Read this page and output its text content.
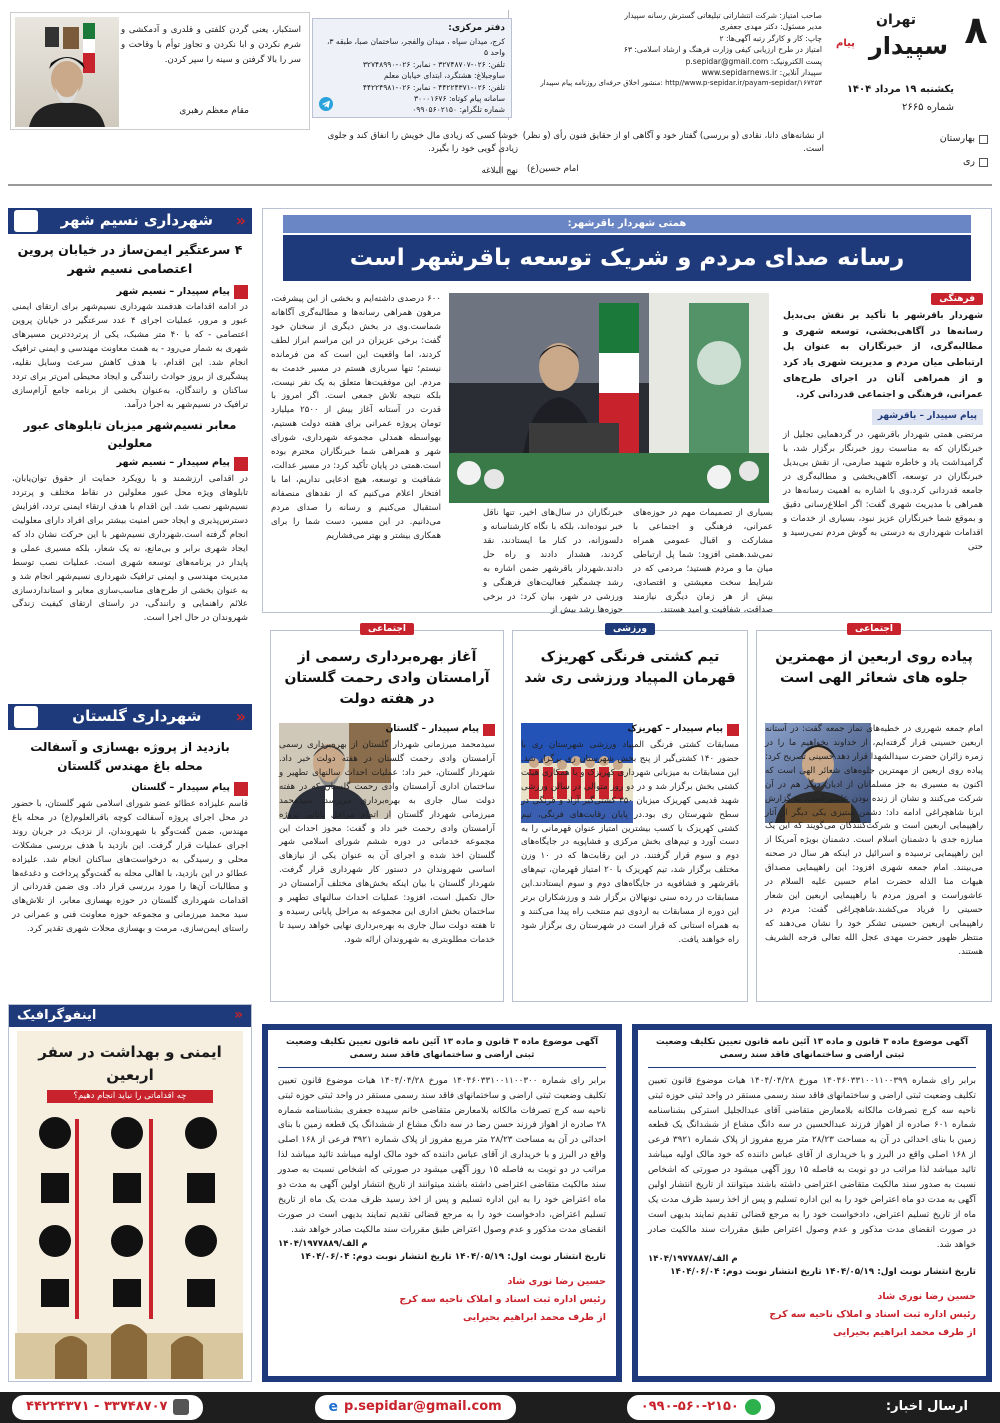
۸
تهران
سپیدار
پیام
یکشنبه ۱۹ مرداد ۱۴۰۴
شماره ۲۶۶۵
بهارستان
ری
صاحب امتیاز: شرکت انتشاراتی تبلیغاتی گسترش رسانه سپیدار
مدیر مسئول: دکتر مهدی جعفری
چاپ: کار و کارگر رتبه آگهی‌ها: ۲
امتیاز در طرح ارزیابی کیفی وزارت فرهنگ و ارشاد اسلامی: ۶۳
پست الکترونیک: p.sepidar@gmail.com
سپیدار آنلاین: www.sepidarnews.ir
منشور اخلاق حرفه‌ای روزنامه پیام سپیدار: http//www.p-sepidar.ir/payam-sepidar/۱۶۷۲۵۳
دفتر مرکزی:
کرج، میدان سپاه ، میدان والفجر، ساختمان صبا، طبقه ۳، واحد ۵
تلفن: ۰۲۶-۳۲۷۴۸۷۰۷ - نمابر: ۰۲۶-۳۲۷۴۸۹۹۰
ساوجبلاغ: هشتگرد، ابتدای خیابان معلم
تلفن: ۰۲۶-۴۴۲۲۴۳۷۱ - نمابر: ۰۲۶-۴۴۲۲۴۹۸۱
سامانه پیام کوتاه: ۳۰۰۰۱۶۷۶
شماره تلگرام: ۰۹۹۰۵۶۰۲۱۵۰
استکبار، یعنی گردن کلفتی و قلدری و آدمکشی و شرم نکردن و ابا نکردن و تجاوز توأم با وقاحت و سر را بالا گرفتن و سینه را سپر کردن.
مقام معظم رهبری
از نشانه‌های دانا، نقادی (و بررسی) گفتار خود و آگاهی او از حقایق فنون رأی (و نظر) است.
امام حسین(ع)
خوشا کسی که زیادی مال خویش را انفاق کند و جلوی زیادی گویی خود را بگیرد.
نهج البلاغه
همتی شهردار باقرشهر:
رسانه صدای مردم و شریک توسعه باقرشهر است
فرهنگی
شهردار باقرشهر با تأکید بر نقش بی‌بدیل رسانه‌ها در آگاهی‌بخشی، توسعه شهری و مطالبه‌گری، از خبرنگاران به عنوان پل ارتباطی میان مردم و مدیریت شهری یاد کرد و از همراهی آنان در اجرای طرح‌های عمرانی، فرهنگی و اجتماعی قدردانی کرد.
پیام سپیدار – باقرشهر
مرتضی همتی شهردار باقرشهر، در گردهمایی تجلیل از خبرنگاران که به مناسبت روز خبرنگار برگزار شد، با گرامیداشت یاد و خاطره شهید صارمی، از نقش بی‌بدیل خبرنگاران در توسعه، آگاهی‌بخشی و مطالبه‌گری در جامعه قدردانی کرد.وی با اشاره به اهمیت رسانه‌ها در همراهی با مدیریت شهری گفت: اگر اطلاع‌رسانی دقیق و بموقع شما خبرنگاران عزیز نبود، بسیاری از خدمات و اقدامات شهرداری به درستی به گوش مردم نمی‌رسید و حتی
بسیاری از تصمیمات مهم در حوزه‌های عمرانی، فرهنگی و اجتماعی با مشارکت و اقبال عمومی همراه نمی‌شد.همتی افزود: شما پل ارتباطی میان ما و مردم هستید؛ مردمی که در شرایط سخت معیشتی و اقتصادی، بیش از هر زمان دیگری نیازمند صداقت، شفافیت و امید هستند.
خبرنگاران در سال‌های اخیر، تنها ناقل خبر نبوده‌اند، بلکه با نگاه کارشناسانه و دلسوزانه، در کنار ما ایستادند، نقد کردند، هشدار دادند و راه حل دادند.شهردار باقرشهر ضمن اشاره به رشد چشمگیر فعالیت‌های فرهنگی و ورزشی در شهر، بیان کرد: در برخی حوزه‌ها رشد بیش از
۶۰۰ درصدی داشته‌ایم و بخشی از این پیشرفت، مرهون همراهی رسانه‌ها و مطالبه‌گری آگاهانه شماست.وی در بخش دیگری از سخنان خود گفت: برخی عزیزان در این مراسم ابراز لطف کردند، اما واقعیت این است که من فرمانده نیستم؛ تنها سربازی هستم در مسیر خدمت به مردم. این موفقیت‌ها متعلق به یک نفر نیست، بلکه نتیجه تلاش جمعی است. اگر امروز با قدرت در آستانه آغاز بیش از ۲۵۰۰ میلیارد تومان پروژه عمرانی برای هفته دولت هستیم، بهواسطه همدلی مجموعه شهرداری، شورای شهر و همراهی شما خبرنگاران محترم بوده است.همتی در پایان تأکید کرد: در مسیر عدالت، شفافیت و توسعه، هیچ ادعایی نداریم، اما با افتخار اعلام می‌کنیم که از نقدهای منصفانه استقبال می‌کنیم و رسانه را صدای مردم می‌دانیم. در این مسیر، دست شما را برای همکاری بیشتر و بهتر می‌فشاریم
«
شهرداری نسیم شهر
۴ سرعتگیر ایمن‌ساز در خیابان پروین اعتصامی نسیم شهر
پیام سپیدار – نسیم شهر
در ادامه اقدامات هدفمند شهرداری نسیم‌شهر برای ارتقای ایمنی عبور و مرور، عملیات اجرای ۴ عدد سرعتگیر در خیابان پروین اعتصامی - که با ۴۰ متر مشبک، یکی از پرترددترین مسیرهای شهری به شمار می‌رود - به همت معاونت مهندسی و ایمنی ترافیک انجام شد. این اقدام، با هدف کاهش سرعت وسایل نقلیه، پیشگیری از بروز حوادث رانندگی و ایجاد محیطی امن‌تر برای تردد ساکنان و رانندگان، به‌عنوان بخشی از برنامه جامع آرام‌سازی ترافیک در نسیم‌شهر به اجرا درآمد.
معابر نسیم‌شهر میزبان تابلوهای عبور معلولین
پیام سپیدار – نسیم شهر
در اقدامی ارزشمند و با رویکرد حمایت از حقوق توان‌یابان، تابلوهای ویژه محل عبور معلولین در نقاط مختلف و پرتردد نسیم‌شهر نصب شد. این اقدام با هدف ارتقاء ایمنی تردد، افزایش دسترس‌پذیری و ایجاد حس امنیت بیشتر برای افراد دارای معلولیت انجام گرفته است.شهرداری نسیم‌شهر با این حرکت نشان داد که ایجاد شهری برابر و بی‌مانع، نه یک شعار، بلکه مسیری عملی و پایدار در برنامه‌های توسعه شهری است. عملیات نصب توسط مدیریت مهندسی و ایمنی ترافیک شهرداری نسیم‌شهر انجام شد و به عنوان بخشی از طرح‌های مناسب‌سازی معابر و استانداردسازی علائم راهنمایی و رانندگی، در راستای ارتقای کیفیت زندگی شهروندان در حال اجرا است.
«
شهرداری گلستان
بازدید از پروژه بهسازی و آسفالت محله باغ مهندس گلستان
پیام سپیدار – گلستان
قاسم علیزاده عطائو عضو شورای اسلامی شهر گلستان، با حضور در محل اجرای پروژه آسفالت کوچه باقرالعلوم(ع) در محله باغ مهندس، ضمن گفت‌وگو با شهروندان، از نزدیک در جریان روند اجرای عملیات قرار گرفت. این بازدید با هدف بررسی مشکلات محلی و رسیدگی به درخواست‌های ساکنان انجام شد. علیزاده عطائو در این بازدید، با اهالی محله به گفت‌وگو پرداخت و دغدغه‌ها و مطالبات آن‌ها را مورد بررسی قرار داد. وی ضمن قدردانی از اقدامات شهرداری گلستان در حوزه بهسازی معابر، از تلاش‌های سید محمد میرزمانی و مجموعه حوزه معاونت فنی و عمرانی در راستای ایمن‌سازی، مرمت و بهسازی محلات شهری تقدیر کرد.
اجتماعی
پیاده روی اربعین از مهمترین جلوه های شعائر الهی است
امام جمعه شهرری در خطبه‌های نماز جمعه گفت: در آستانه اربعین حسینی قرار گرفته‌ایم، از خداوند بخواهیم ما را در زمره زائران حضرت سیدالشهدا قرار دهد.حسینی تصریح کرد: پیاده روی اربعین از مهمترین جلوه‌های شعائر الهی است که اکنون به مسیری به جز مسلمانان از ادیان دیگر هم در آن شرکت می‌کنند و نشان از زنده بودن عاشوراست. به گزارش ابرنا شاهچراغی ادامه داد: دشمن ستیزی یکی دیگر از آثار راهپیمایی اربعین است و شرکت‌کنندگان می‌گویند که این یک مبارزه جدی با دشمنان اسلام است. دشمنان بویژه آمریکا از این راهپیمایی ترسیده و اسرائیل در اینکه هر سال در صحنه می‌بینند. امام جمعه شهری افزود: این راهپیمایی مصداق هیهات منا الذله حضرت امام حسین علیه السلام در عاشوراست و امروز مردم با راهپیمایی اربعین این شعار حسینی را فریاد می‌کشند.شاهچراغی گفت: مردم در راهپیمایی اربعین حسینی تشکر خود را نشان می‌دهند که منتظر ظهور حضرت مهدی عجل الله تعالی فرجه الشریف هستند.
ورزشی
تیم کشتی فرنگی کهریزک قهرمان المپیاد ورزشی ری شد
پیام سپیدار – کهریزک
مسابقات کشتی فرنگی المپیاد ورزشی شهرستان ری با حضور ۱۴۰ کشتی‌گیر از پنج بخش شهرستان ری برگزار شد. این مسابقات به میزبانی شهرداری کهریزک و با همکاری هیئت کشتی بخش برگزار شد و در دو روز متوالی در سالن ورزشی شهید قدیمی کهریزک میزبان ۳۵۰ کشتی‌گیر آزاد و فرنگی در سطح شهرستان ری بود.در پایان رقابت‌های فرنگی، تیم کشتی کهریزک با کسب بیشترین امتیاز عنوان قهرمانی را به دست آورد و تیم‌های بخش مرکزی و فشاپویه در جایگاه‌های دوم و سوم قرار گرفتند. در این رقابت‌ها که در ۱۰ وزن مختلف برگزار شد، تیم کهریزک با ۲۰ امتیاز قهرمان، تیم‌های باقرشهر و فشافویه در جایگاه‌های دوم و سوم ایستادند.این مسابقات در رده سنی نونهالان برگزار شد و ورزشکاران برتر این دوره از مسابقات به اردوی تیم منتخب راه پیدا می‌کنند و به همراه استانی که قرار است در شهرستان ری برگزار شود راه خواهند یافت.
اجتماعی
آغاز بهره‌برداری رسمی از آرامستان وادی رحمت گلستان در هفته دولت
پیام سپیدار – گلستان
سیدمحمد میرزمانی شهردار گلستان از بهره‌برداری رسمی آرامستان وادی رحمت گلستان در هفته دولت خبر داد. شهردار گلستان، خبر داد: عملیات احداث سالنهای تطهیر و ساختمان اداری آرامستان وادی رحمت گلستان که در هفته دولت سال جاری به بهره‌برداری می‌رسد. سیدمحمد میرزمانی شهردار گلستان از اتمام مراحل پایانی پروژه آرامستان وادی رحمت خبر داد و گفت: مجوز احداث این مجموعه خدماتی در دوره ششم شورای اسلامی شهر گلستان اخذ شده و اجرای آن به عنوان یکی از نیازهای اساسی شهروندان در دستور کار شهرداری قرار گرفت. شهردار گلستان با بیان اینکه بخش‌های مختلف آرامستان در حال تکمیل است، افزود: عملیات احداث سالنهای تطهیر و ساختمان بخش اداری این مجموعه به مراحل پایانی رسیده و تا هفته دولت سال جاری به بهره‌برداری نهایی خواهد رسید تا خدمات مطلوبتری به شهروندان ارائه شود.
«
اینفوگرافیک
ایمنی و بهداشت در سفر اربعین
چه اقداماتی را نباید انجام دهیم؟
آگهی موضوع ماده ۳ قانون و ماده ۱۳ آئین نامه قانون تعیین تکلیف وضعیت ثبتی اراضی و ساختمانهای فاقد سند رسمی
برابر رای شماره ۱۴۰۴۶۰۳۳۱۰۰۱۱۰۰۳۹۹ مورخ ۱۴۰۴/۰۴/۲۸ هیات موضوع قانون تعیین تکلیف وضعیت ثبتی اراضی و ساختمانهای فاقد سند رسمی مستقر در واحد ثبتی حوزه ثبتی ناحیه سه کرج تصرفات مالکانه بلامعارض متقاضی آقای عبدالجلیل استرکی بشناسنامه شماره ۶۰۱ صادره از اهواز فرزند عبدالحسین در سه دانگ مشاع از ششدانگ یک قطعه زمین با بنای احداثی در آن به مساحت ۲۸/۲۳ متر مربع مفروز از پلاک شماره ۳۹۲۱ فرعی از ۱۶۸ اصلی واقع در البرز و با خریداری از آقای عباس داننده که خود مالک اولیه میباشد تائید میباشد لذا مراتب در دو نوبت به فاصله ۱۵ روز آگهی میشود در صورتی که اشخاص نسبت به صدور سند مالکیت متقاضی اعتراضی داشته باشند میتوانند از تاریخ انتشار اولین آگهی به مدت دو ماه اعتراض خود را به این اداره تسلیم و پس از اخذ رسید ظرف مدت یک ماه از تاریخ تسلیم اعتراض، دادخواست خود را به مرجع قضائی تقدیم نمایند بدیهی است در صورت انقضای مدت مذکور و عدم وصول اعتراض طبق مقررات سند مالکیت صادر خواهد شد.
م الف/۱۴۰۴/۱۹۷۷۸۸۷
تاریخ انتشار نوبت اول: ۱۴۰۴/۰۵/۱۹ تاریخ انتشار نوبت دوم: ۱۴۰۴/۰۶/۰۴
حسین رضا نوری شاد
رئیس اداره ثبت اسناد و املاک ناحیه سه کرج
از طرف محمد ابراهیم بحیرایی
آگهی موضوع ماده ۳ قانون و ماده ۱۳ آئین نامه قانون تعیین تکلیف وضعیت ثبتی اراضی و ساختمانهای فاقد سند رسمی
برابر رای شماره ۱۴۰۴۶۰۳۳۱۰۰۱۱۰۰۳۰۰ مورخ ۱۴۰۴/۰۴/۲۸ هیات موضوع قانون تعیین تکلیف وضعیت ثبتی اراضی و ساختمانهای فاقد سند رسمی مستقر در واحد ثبتی حوزه ثبتی ناحیه سه کرج تصرفات مالکانه بلامعارض متقاضی خانم سپیده جعفری بشناسنامه شماره ۲۸ صادره از اهواز فرزند حسن رضا در سه دانگ مشاع از ششدانگ یک قطعه زمین با بنای احداثی در آن به مساحت ۲۸/۲۳ متر مربع مفروز از پلاک شماره ۳۹۲۱ فرعی از ۱۶۸ اصلی واقع در البرز و با خریداری از آقای عباس داننده که خود مالک اولیه میباشد تائید میباشد لذا مراتب در دو نوبت به فاصله ۱۵ روز آگهی میشود در صورتی که اشخاص نسبت به صدور سند مالکیت متقاضی اعتراضی داشته باشند میتوانند از تاریخ انتشار اولین آگهی به مدت دو ماه اعتراض خود را به این اداره تسلیم و پس از اخذ رسید ظرف مدت یک ماه از تاریخ تسلیم اعتراض، دادخواست خود را به مرجع قضائی تقدیم نمایند بدیهی است در صورت انقضای مدت مذکور و عدم وصول اعتراض طبق مقررات سند مالکیت صادر خواهد شد.
م الف/۱۴۰۴/۱۹۷۷۸۸۹
تاریخ انتشار نوبت اول: ۱۴۰۴/۰۵/۱۹ تاریخ انتشار نوبت دوم: ۱۴۰۴/۰۶/۰۴
حسین رضا نوری شاد
رئیس اداره ثبت اسناد و املاک ناحیه سه کرج
از طرف محمد ابراهیم بحیرایی
ارسال اخبار:
۰۹۹۰-۵۶۰-۲۱۵۰
e p.sepidar@gmail.com
۳۳۷۴۸۷۰۷ - ۴۴۲۲۴۳۷۱
